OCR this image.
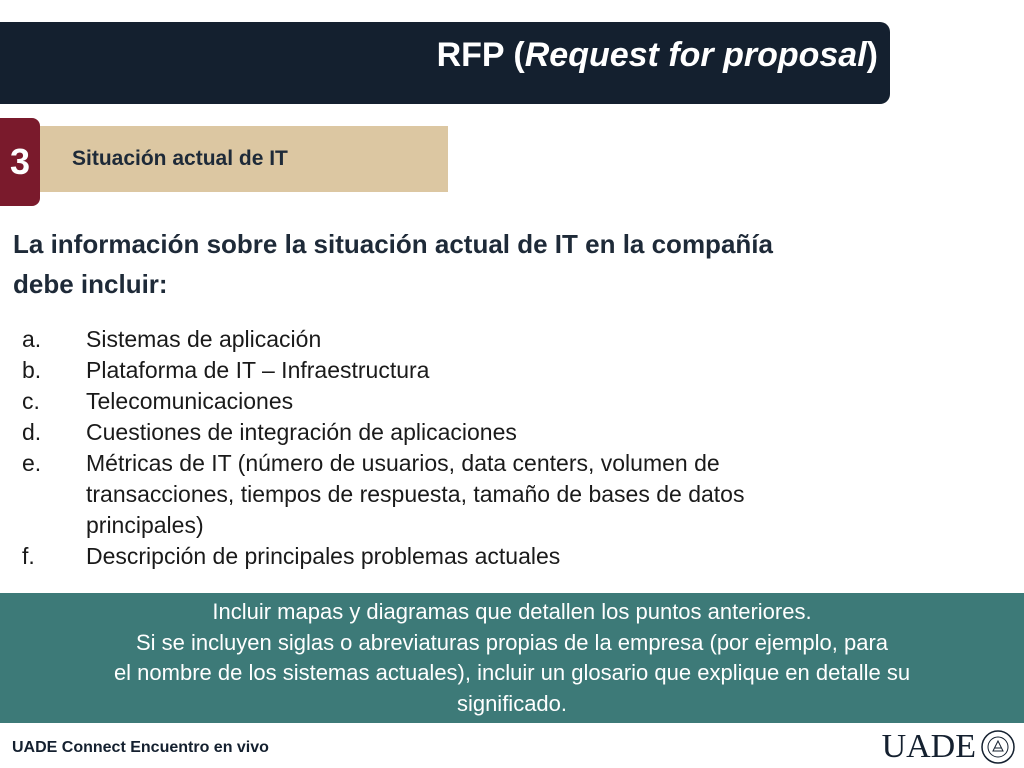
RFP (Request for proposal)
3	Situación actual de IT
La información sobre la situación actual de IT en la compañía debe incluir:
a.	Sistemas de aplicación
b.	Plataforma de IT – Infraestructura
c.	Telecomunicaciones
d.	Cuestiones de integración de aplicaciones
e.	Métricas de IT (número de usuarios, data centers, volumen de transacciones, tiempos de respuesta, tamaño de bases de datos principales)
f.	Descripción de principales problemas actuales
Incluir mapas y diagramas que detallen los puntos anteriores.
Si se incluyen siglas o abreviaturas propias de la empresa (por ejemplo, para
el nombre de los sistemas actuales), incluir un glosario que explique en detalle su
significado.
UADE Connect Encuentro en vivo	UADE
